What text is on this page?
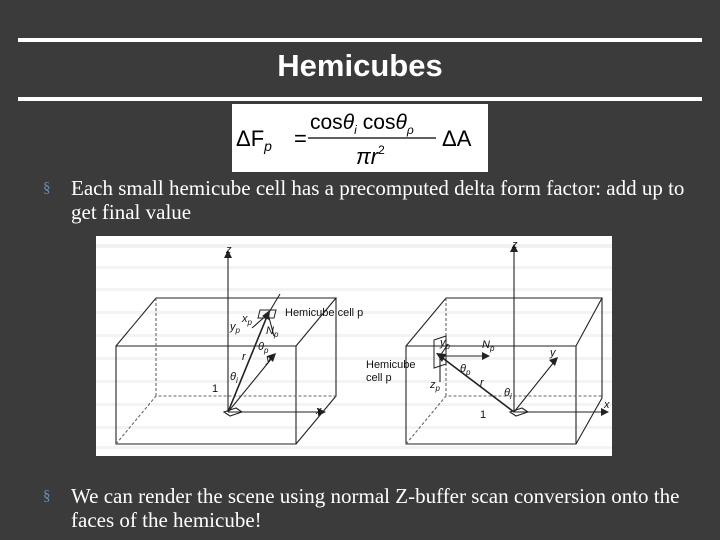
Hemicubes
$\Delta F_p$ =
cosθ$_i$ cosθ$_\rho$
$\pi r^2$	ΔA
§ Each small hemicube cell has a precomputed delta form factor: add up to get final value
z
x
y
$x_p$
$y_p$ $N_p$
Hemicube cell p
$\theta_p$
$\theta_i$
r
1
z
x
y
$y_p$
$z_p$
$N_p$
Hemicube
cell p
$\theta_p$
$\theta_i$
r
1
§ We can render the scene using normal Z-buffer scan conversion onto the faces of the hemicube!
